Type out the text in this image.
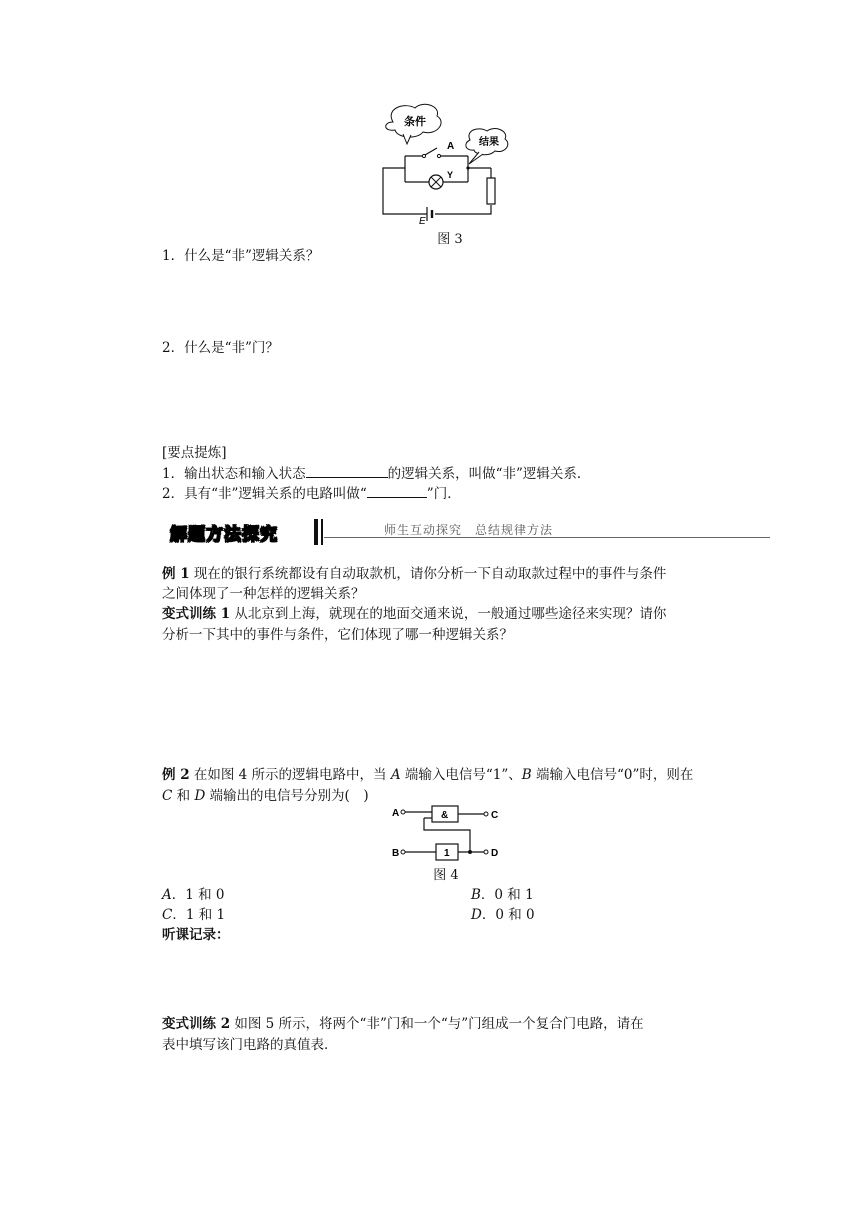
条件
结果
E
A
Y
图 3
1．什么是“非”逻辑关系？
2．什么是“非”门？
[要点提炼]
1．输出状态和输入状态	的逻辑关系，叫做“非”逻辑关系．
2．具有“非”逻辑关系的电路叫做“	”门．
解题方法探究	师生互动探究　总结规律方法
例 1 现在的银行系统都设有自动取款机，请你分析一下自动取款过程中的事件与条件
之间体现了一种怎样的逻辑关系？
变式训练 1 从北京到上海，就现在的地面交通来说，一般通过哪些途径来实现？请你
分析一下其中的事件与条件，它们体现了哪一种逻辑关系？
例 2 在如图 4 所示的逻辑电路中，当 A 端输入电信号“1”、B 端输入电信号“0”时，则在
C 和 D 端输出的电信号分别为(　)
A	&	C
B	1	D
图 4
A．1 和 0	B．0 和 1
C．1 和 1	D．0 和 0
听课记录：
变式训练 2 如图 5 所示，将两个“非”门和一个“与”门组成一个复合门电路，请在
表中填写该门电路的真值表．
